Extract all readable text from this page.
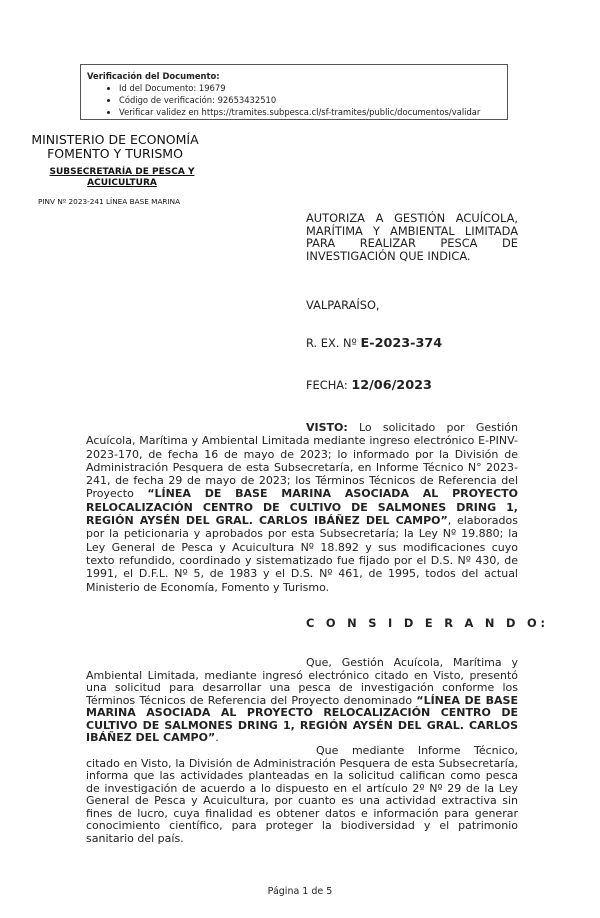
Verificación del Documento:
• Id del Documento: 19679
• Código de verificación: 92653432510
• Verificar validez en https://tramites.subpesca.cl/sf-tramites/public/documentos/validar
MINISTERIO DE ECONOMÍA
FOMENTO Y TURISMO
SUBSECRETARÍA DE PESCA Y
ACUICULTURA
PINV Nº 2023-241 LÍNEA BASE MARINA
AUTORIZA A GESTIÓN ACUÍCOLA, MARÍTIMA Y AMBIENTAL LIMITADA PARA REALIZAR PESCA DE INVESTIGACIÓN QUE INDICA.
VALPARAÍSO,
R. EX. Nº E-2023-374
FECHA: 12/06/2023

VISTO: Lo solicitado por Gestión Acuícola, Marítima y Ambiental Limitada mediante ingreso electrónico E-PINV-2023-170, de fecha 16 de mayo de 2023; lo informado por la División de Administración Pesquera de esta Subsecretaría, en Informe Técnico N° 2023-241, de fecha 29 de mayo de 2023; los Términos Técnicos de Referencia del Proyecto “LÍNEA DE BASE MARINA ASOCIADA AL PROYECTO RELOCALIZACIÓN CENTRO DE CULTIVO DE SALMONES DRING 1, REGIÓN AYSÉN DEL GRAL. CARLOS IBÁÑEZ DEL CAMPO”, elaborados por la peticionaria y aprobados por esta Subsecretaría; la Ley Nº 19.880; la Ley General de Pesca y Acuicultura Nº 18.892 y sus modificaciones cuyo texto refundido, coordinado y sistematizado fue fijado por el D.S. Nº 430, de 1991, el D.F.L. Nº 5, de 1983 y el D.S. Nº 461, de 1995, todos del actual Ministerio de Economía, Fomento y Turismo.

C O N S I D E R A N D O:

Que, Gestión Acuícola, Marítima y Ambiental Limitada, mediante ingresó electrónico citado en Visto, presentó una solicitud para desarrollar una pesca de investigación conforme los Términos Técnicos de Referencia del Proyecto denominado “LÍNEA DE BASE MARINA ASOCIADA AL PROYECTO RELOCALIZACIÓN CENTRO DE CULTIVO DE SALMONES DRING 1, REGIÓN AYSÉN DEL GRAL. CARLOS IBÁÑEZ DEL CAMPO”.

Que mediante Informe Técnico, citado en Visto, la División de Administración Pesquera de esta Subsecretaría, informa que las actividades planteadas en la solicitud califican como pesca de investigación de acuerdo a lo dispuesto en el artículo 2º Nº 29 de la Ley General de Pesca y Acuicultura, por cuanto es una actividad extractiva sin fines de lucro, cuya finalidad es obtener datos e información para generar conocimiento científico, para proteger la biodiversidad y el patrimonio sanitario del país.

Página 1 de 5
